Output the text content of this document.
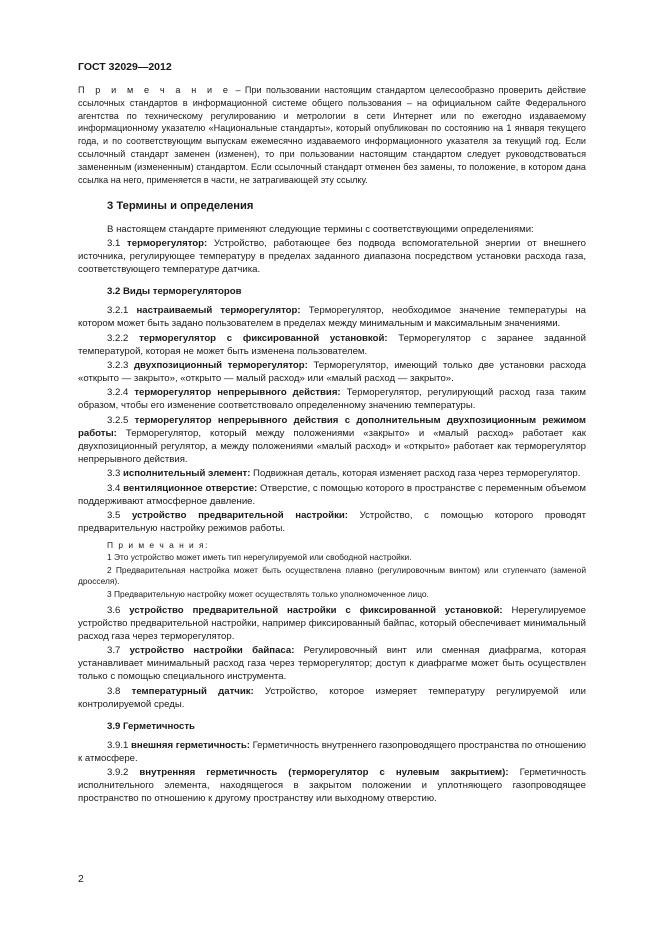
ГОСТ 32029—2012
П р и м е ч а н и е – При пользовании настоящим стандартом целесообразно проверить действие ссылочных стандартов в информационной системе общего пользования – на официальном сайте Федерального агентства по техническому регулированию и метрологии в сети Интернет или по ежегодно издаваемому информационному указателю «Национальные стандарты», который опубликован по состоянию на 1 января текущего года, и по соответствующим выпускам ежемесячно издаваемого информационного указателя за текущий год. Если ссылочный стандарт заменен (изменен), то при пользовании настоящим стандартом следует руководствоваться замененным (измененным) стандартом. Если ссылочный стандарт отменен без замены, то положение, в котором дана ссылка на него, применяется в части, не затрагивающей эту ссылку.
3 Термины и определения

В настоящем стандарте применяют следующие термины с соответствующими определениями:

3.1 терморегулятор: Устройство, работающее без подвода вспомогательной энергии от внешнего источника, регулирующее температуру в пределах заданного диапазона посредством установки расхода газа, соответствующего температуре датчика.

3.2 Виды терморегуляторов

3.2.1 настраиваемый терморегулятор: Терморегулятор, необходимое значение температуры на котором может быть задано пользователем в пределах между минимальным и максимальным значениями.

3.2.2 терморегулятор с фиксированной установкой: Терморегулятор с заранее заданной температурой, которая не может быть изменена пользователем.

3.2.3 двухпозиционный терморегулятор: Терморегулятор, имеющий только две установки расхода «открыто — закрыто», «открыто — малый расход» или «малый расход — закрыто».

3.2.4 терморегулятор непрерывного действия: Терморегулятор, регулирующий расход газа таким образом, чтобы его изменение соответствовало определенному значению температуры.

3.2.5 терморегулятор непрерывного действия с дополнительным двухпозиционным режимом работы: Терморегулятор, который между положениями «закрыто» и «малый расход» работает как двухпозиционный регулятор, а между положениями «малый расход» и «открыто» работает как терморегулятор непрерывного действия.

3.3 исполнительный элемент: Подвижная деталь, которая изменяет расход газа через терморегулятор.

3.4 вентиляционное отверстие: Отверстие, с помощью которого в пространстве с переменным объемом поддерживают атмосферное давление.

3.5 устройство предварительной настройки: Устройство, с помощью которого проводят предварительную настройку режимов работы.

П р и м е ч а н и я:

1 Это устройство может иметь тип нерегулируемой или свободной настройки.

2 Предварительная настройка может быть осуществлена плавно (регулировочным винтом) или ступенчато (заменой дросселя).

3 Предварительную настройку может осуществлять только уполномоченное лицо.

3.6 устройство предварительной настройки с фиксированной установкой: Нерегулируемое устройство предварительной настройки, например фиксированный байпас, который обеспечивает минимальный расход газа через терморегулятор.

3.7 устройство настройки байпаса: Регулировочный винт или сменная диафрагма, которая устанавливает минимальный расход газа через терморегулятор; доступ к диафрагме может быть осуществлен только с помощью специального инструмента.

3.8 температурный датчик: Устройство, которое измеряет температуру регулируемой или контролируемой среды.

3.9 Герметичность

3.9.1 внешняя герметичность: Герметичность внутреннего газопроводящего пространства по отношению к атмосфере.

3.9.2 внутренняя герметичность (терморегулятор с нулевым закрытием): Герметичность исполнительного элемента, находящегося в закрытом положении и уплотняющего газопроводящее пространство по отношению к другому пространству или выходному отверстию.

2
